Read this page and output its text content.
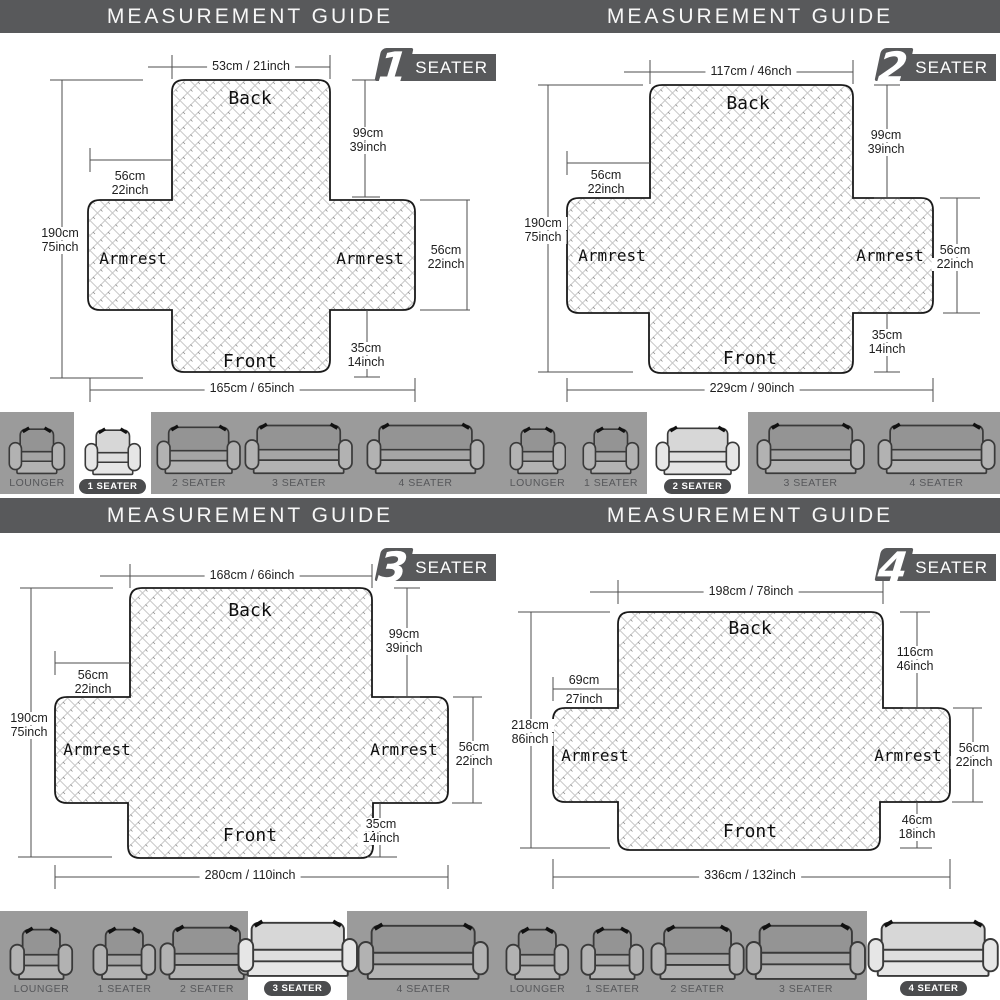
MEASUREMENT GUIDE	MEASUREMENT GUIDE
53cm / 21inch
Back
99cm
39inch
56cm
22inch
190cm
75inch
Armrest	Armrest 56cm
22inch
35cm
14inch
Front
165cm / 65inch
1 SEATER	117cm / 46nch
Back
99cm
39inch
56cm
22inch
190cm
75inch
Armrest	Armrest	56cm
22inch
35cm
14inch
Front
229cm / 90inch
2 SEATER
LOUNGER	1 SEATER	2 SEATER	3 SEATER	4 SEATER	LOUNGER 1 SEATER	2 SEATER	3 SEATER	4 SEATER
MEASUREMENT GUIDE	MEASUREMENT GUIDE
168cm / 66inch
Back
99cm
39inch
56cm
22inch
190cm
75inch
Armrest	Armrest	56cm
22inch
35cm
14inch
Front
280cm / 110inch
3 SEATER
198cm / 78inch
Back
116cm
46inch
69cm
27inch
218cm
86inch
Armrest	Armrest	56cm
22inch
46cm
18inch
Front
336cm / 132inch
4 SEATER
LOUNGER	1 SEATER	2 SEATER	3 SEATER	4 SEATER	LOUNGER 1 SEATER	2 SEATER	3 SEATER	4 SEATER
